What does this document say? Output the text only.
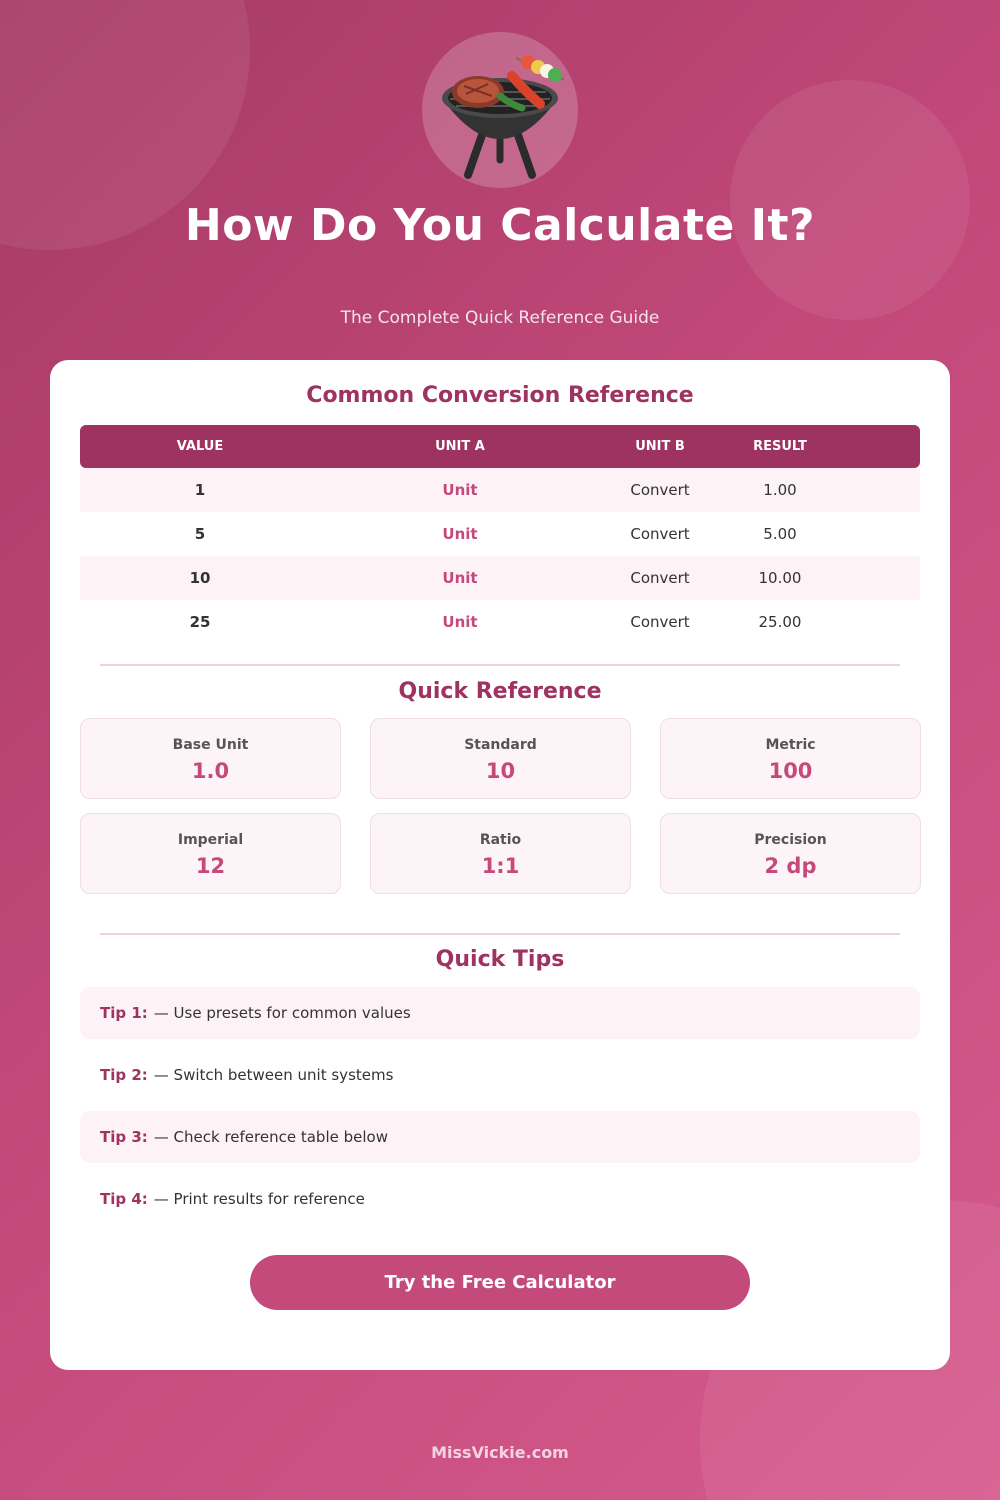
How Do You Calculate It?
The Complete Quick Reference Guide
Common Conversion Reference
VALUE	UNIT A	UNIT B	RESULT
1	Unit	Convert	1.00
5	Unit	Convert	5.00
10	Unit	Convert	10.00
25	Unit	Convert	25.00
Quick Reference
Base Unit
1.0
Standard
10
Metric
100
Imperial
12
Ratio
1:1
Precision
2 dp
Quick Tips
Tip 1: — Use presets for common values
Tip 2: — Switch between unit systems
Tip 3: — Check reference table below
Tip 4: — Print results for reference
Try the Free Calculator
MissVickie.com
